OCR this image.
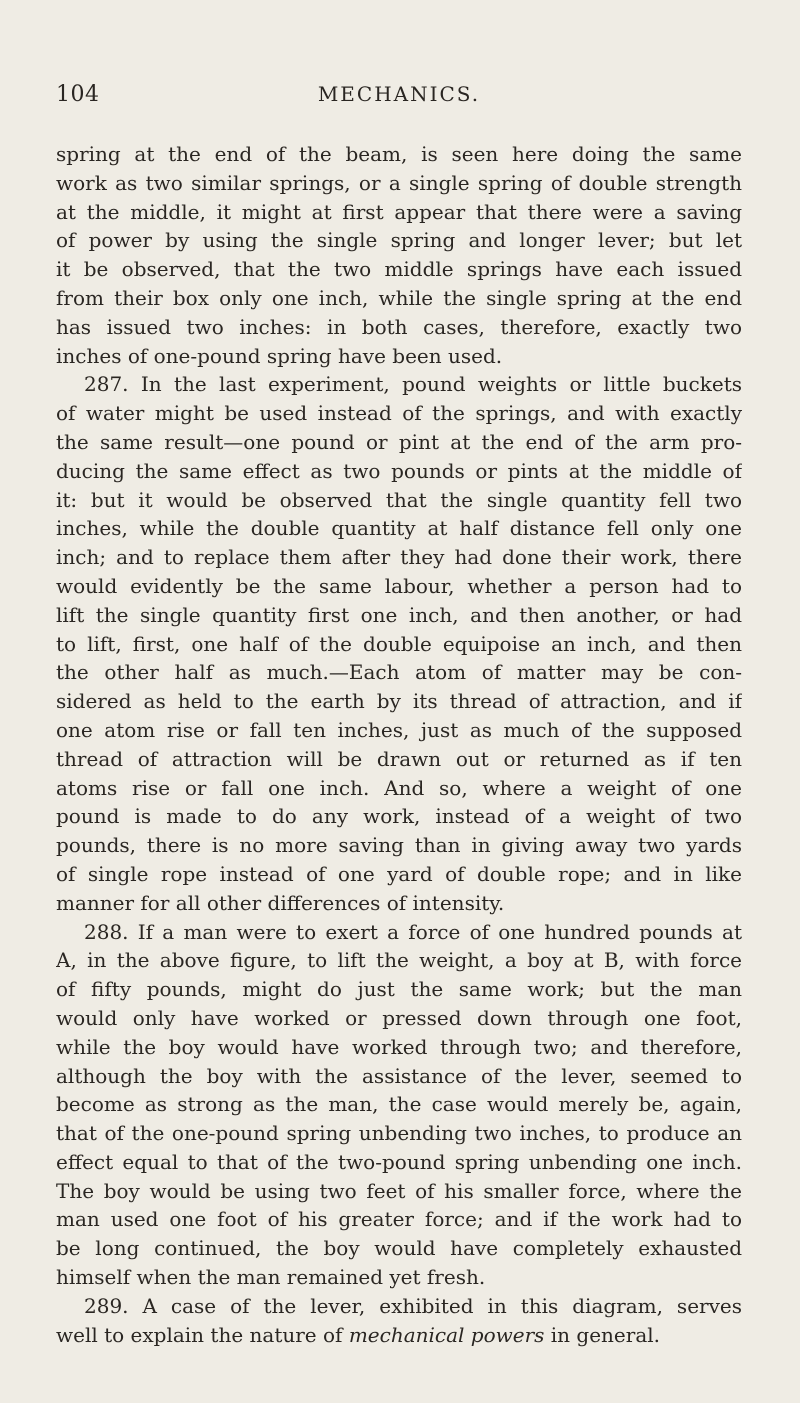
104	MECHANICS.
spring at the end of the beam, is seen here doing the same
work as two similar springs, or a single spring of double strength
at the middle, it might at first appear that there were a saving
of power by using the single spring and longer lever; but let
it be observed, that the two middle springs have each issued
from their box only one inch, while the single spring at the end
has issued two inches: in both cases, therefore, exactly two
inches of one-pound spring have been used.
287. In the last experiment, pound weights or little buckets
of water might be used instead of the springs, and with exactly
the same result—one pound or pint at the end of the arm pro-
ducing the same effect as two pounds or pints at the middle of
it: but it would be observed that the single quantity fell two
inches, while the double quantity at half distance fell only one
inch; and to replace them after they had done their work, there
would evidently be the same labour, whether a person had to
lift the single quantity first one inch, and then another, or had
to lift, first, one half of the double equipoise an inch, and then
the other half as much.—Each atom of matter may be con-
sidered as held to the earth by its thread of attraction, and if
one atom rise or fall ten inches, just as much of the supposed
thread of attraction will be drawn out or returned as if ten
atoms rise or fall one inch. And so, where a weight of one
pound is made to do any work, instead of a weight of two
pounds, there is no more saving than in giving away two yards
of single rope instead of one yard of double rope; and in like
manner for all other differences of intensity.
288. If a man were to exert a force of one hundred pounds at
A, in the above figure, to lift the weight, a boy at B, with force
of fifty pounds, might do just the same work; but the man
would only have worked or pressed down through one foot,
while the boy would have worked through two; and therefore,
although the boy with the assistance of the lever, seemed to
become as strong as the man, the case would merely be, again,
that of the one-pound spring unbending two inches, to produce an
effect equal to that of the two-pound spring unbending one inch.
The boy would be using two feet of his smaller force, where the
man used one foot of his greater force; and if the work had to
be long continued, the boy would have completely exhausted
himself when the man remained yet fresh.
289. A case of the lever, exhibited in this diagram, serves
well to explain the nature of mechanical powers in general.
